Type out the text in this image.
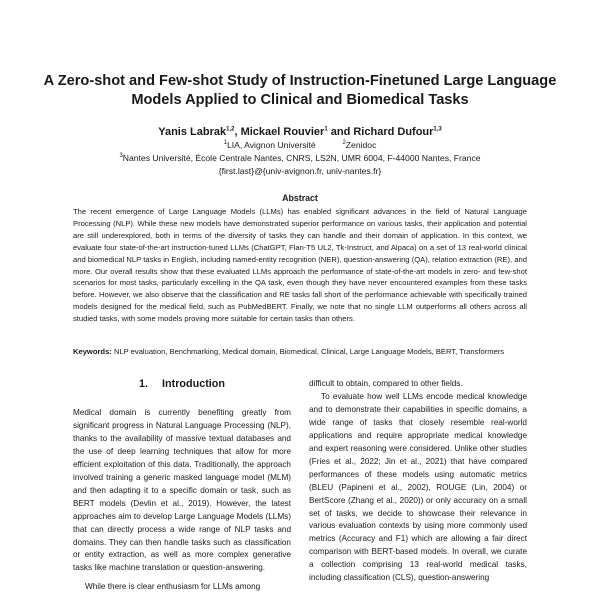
A Zero-shot and Few-shot Study of Instruction-Finetuned Large Language Models Applied to Clinical and Biomedical Tasks
Yanis Labrak$^{1,2}$, Mickael Rouvier$^1$ and Richard Dufour$^{1,3}$
$^1$LIA, Avignon Université	$^2$Zenidoc
$^3$Nantes Université, École Centrale Nantes, CNRS, LS2N, UMR 6004, F-44000 Nantes, France
{first.last}@{univ-avignon.fr, univ-nantes.fr}
Abstract
The recent emergence of Large Language Models (LLMs) has enabled significant advances in the field of Natural Language Processing (NLP). While these new models have demonstrated superior performance on various tasks, their application and potential are still underexplored, both in terms of the diversity of tasks they can handle and their domain of application. In this context, we evaluate four state-of-the-art instruction-tuned LLMs (ChatGPT, Flan-T5 UL2, Tk-Instruct, and Alpaca) on a set of 13 real-world clinical and biomedical NLP tasks in English, including named-entity recognition (NER), question-answering (QA), relation extraction (RE), and more. Our overall results show that these evaluated LLMs approach the performance of state-of-the-art models in zero- and few-shot scenarios for most tasks, particularly excelling in the QA task, even though they have never encountered examples from these tasks before. However, we also observe that the classification and RE tasks fall short of the performance achievable with specifically trained models designed for the medical field, such as PubMedBERT. Finally, we note that no single LLM outperforms all others across all studied tasks, with some models proving more suitable for certain tasks than others.
Keywords: NLP evaluation, Benchmarking, Medical domain, Biomedical, Clinical, Large Language Models, BERT, Transformers
1. Introduction

Medical domain is currently benefiting greatly from significant progress in Natural Language Processing (NLP), thanks to the availability of massive textual databases and the use of deep learning techniques that allow for more efficient exploitation of this data. Traditionally, the approach involved training a generic masked language model (MLM) and then adapting it to a specific domain or task, such as BERT models (Devlin et al., 2019). However, the latest approaches aim to develop Large Language Models (LLMs) that can directly process a wide range of NLP tasks and domains. They can then handle tasks such as classification or entity extraction, as well as more complex generative tasks like machine translation or question-answering.

While there is clear enthusiasm for LLMs among

difficult to obtain, compared to other fields.

To evaluate how well LLMs encode medical knowledge and to demonstrate their capabilities in specific domains, a wide range of tasks that closely resemble real-world applications and require appropriate medical knowledge and expert reasoning were considered. Unlike other studies (Fries et al., 2022; Jin et al., 2021) that have compared performances of these models using automatic metrics (BLEU (Papineni et al., 2002), ROUGE (Lin, 2004) or BertScore (Zhang et al., 2020)) or only accuracy on a small set of tasks, we decide to showcase their relevance in various evaluation contexts by using more commonly used metrics (Accuracy and F1) which are allowing a fair direct comparison with BERT-based models. In overall, we curate a collection comprising 13 real-world medical tasks, including classification (CLS), question-answering
